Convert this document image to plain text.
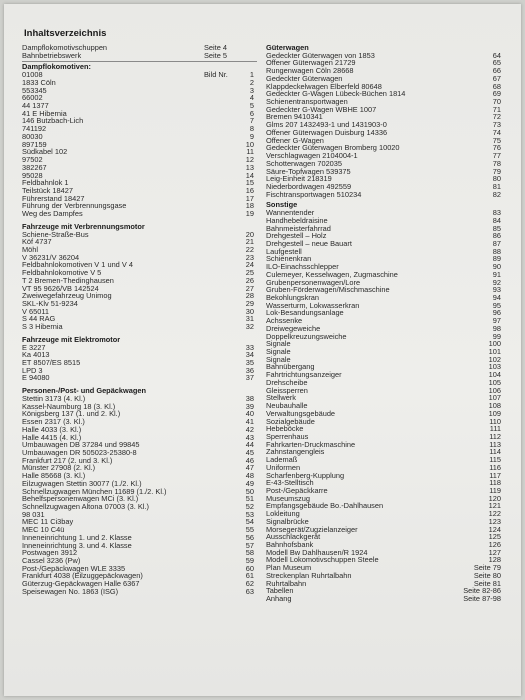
Inhaltsverzeichnis
Dampflokomotivschuppen	Seite 4
Bahnbetriebswerk	Seite 5
Dampflokomotiven:
01008	Bild Nr.	1
1833 Cöln	2
553345	3
66002	4
44 1377	5
41 E Hibernia	6
146 Butzbach-Lich	7
741192	8
80030	9
897159	10
Südkabel 102	11
97502	12
382267	13
95028	14
Feldbahnlok 1	15
Teilstück 18427	16
Führerstand 18427	17
Führung der Verbrennungsgase	18
Weg des Dampfes	19
Fahrzeuge mit Verbrennungsmotor
Schiene-Straße-Bus	20
Köf 4737	21
Möhl	22
V 36231/V 36204	23
Feldbahnlokomotiven V 1 und V 4	24
Feldbahnlokomotive V 5	25
T 2 Bremen-Thedinghausen	26
VT 95 9626/VB 142524	27
Zweiwegefahrzeug Unimog	28
SKL-Klv 51-9234	29
V 65011	30
S 44 RAG	31
S 3 Hibernia	32
Fahrzeuge mit Elektromotor
E 3227	33
Ka 4013	34
ET 8507/ES 8515	35
LPD 3	36
E 94080	37
Personen-/Post- und Gepäckwagen
Stettin 3173 (4. Kl.)	38
Kassel-Naumburg 18 (3. Kl.)	39
Königsberg 137 (1. und 2. Kl.)	40
Essen 2317 (3. Kl.)	41
Halle 4033 (3. Kl.)	42
Halle 4415 (4. Kl.)	43
Umbauwagen DB 37284 und 99845	44
Umbauwagen DR 505023-25380-8	45
Frankfurt 217 (2. und 3. Kl.)	46
Münster 27908 (2. Kl.)	47
Halle 85668 (3. Kl.)	48
Eilzugwagen Stettin 30077 (1./2. Kl.)	49
Schnellzugwagen München 11689 (1./2. Kl.)	50
Behelfspersonenwagen MCi (3. Kl.)	51
Schnellzugwagen Altona 07003 (3. Kl.)	52
98 031	53
MEC 11 Ci3bay	54
MEC 10 C4ü	55
Inneneinrichtung 1. und 2. Klasse	56
Inneneinrichtung 3. und 4. Klasse	57
Postwagen 3912	58
Cassel 3236 (Pw)	59
Post-/Gepäckwagen WLE 3335	60
Frankfurt 4038 (Eilzuggepäckwagen)	61
Güterzug-Gepäckwagen Halle 6367	62
Speisewagen No. 1863 (ISG)	63
Güterwagen
Gedeckter Güterwagen von 1853	64
Offener Güterwagen 21729	65
Rungenwagen Cöln 28668	66
Gedeckter Güterwagen	67
Klappdeckelwagen Elberfeld 80648	68
Gedeckter G-Wagen Lübeck-Büchen 1814	69
Schienentransportwagen	70
Gedeckter G-Wagen WBHE 1007	71
Bremen 9410341	72
Glms 207 1432493-1 und 1431903-0	73
Offener Güterwagen Duisburg 14336	74
Offener G-Wagen	75
Gedeckter Güterwagen Bromberg 10020	76
Verschlagwagen 2104004-1	77
Schotterwagen 702035	78
Säure-Topfwagen 539375	79
Leig-Einheit 218319	80
Niederbordwagen 492559	81
Fischtransportwagen 510234	82
Sonstige
Wannentender	83
Handhebeldraisine	84
Bahnmeisterfahrrad	85
Drehgestell – Holz	86
Drehgestell – neue Bauart	87
Laufgestell	88
Schienenkran	89
ILO-Einachsschlepper	90
Culemeyer, Kesselwagen, Zugmaschine	91
Grubenpersonenwagen/Lore	92
Gruben-Förderwagen/Mischmaschine	93
Bekohlungskran	94
Wasserturm, Lokwasserkran	95
Lok-Besandungsanlage	96
Achssenke	97
Dreiwegeweiche	98
Doppelkreuzungsweiche	99
Signale	100
Signale	101
Signale	102
Bahnübergang	103
Fahrtrichtungsanzeiger	104
Drehscheibe	105
Gleissperren	106
Stellwerk	107
Neubauhalle	108
Verwaltungsgebäude	109
Sozialgebäude	110
Hebeböcke	111
Sperrenhaus	112
Fahrkarten-Druckmaschine	113
Zahnstangengleis	114
Lademaß	115
Uniformen	116
Scharfenberg-Kupplung	117
E-43-Stelltisch	118
Post-/Gepäckkarre	119
Museumszug	120
Empfangsgebäude Bo.-Dahlhausen	121
Lokleitung	122
Signalbrücke	123
Morsegerät/Zugzielanzeiger	124
Ausschlackgerät	125
Bahnhofsbank	126
Modell Bw Dahlhausen/R 1924	127
Modell Lokomotivschuppen Steele	128
Plan Museum	Seite 79
Streckenplan Ruhrtalbahn	Seite 80
Ruhrtalbahn	Seite 81
Tabellen	Seite 82-86
Anhang	Seite 87-98
